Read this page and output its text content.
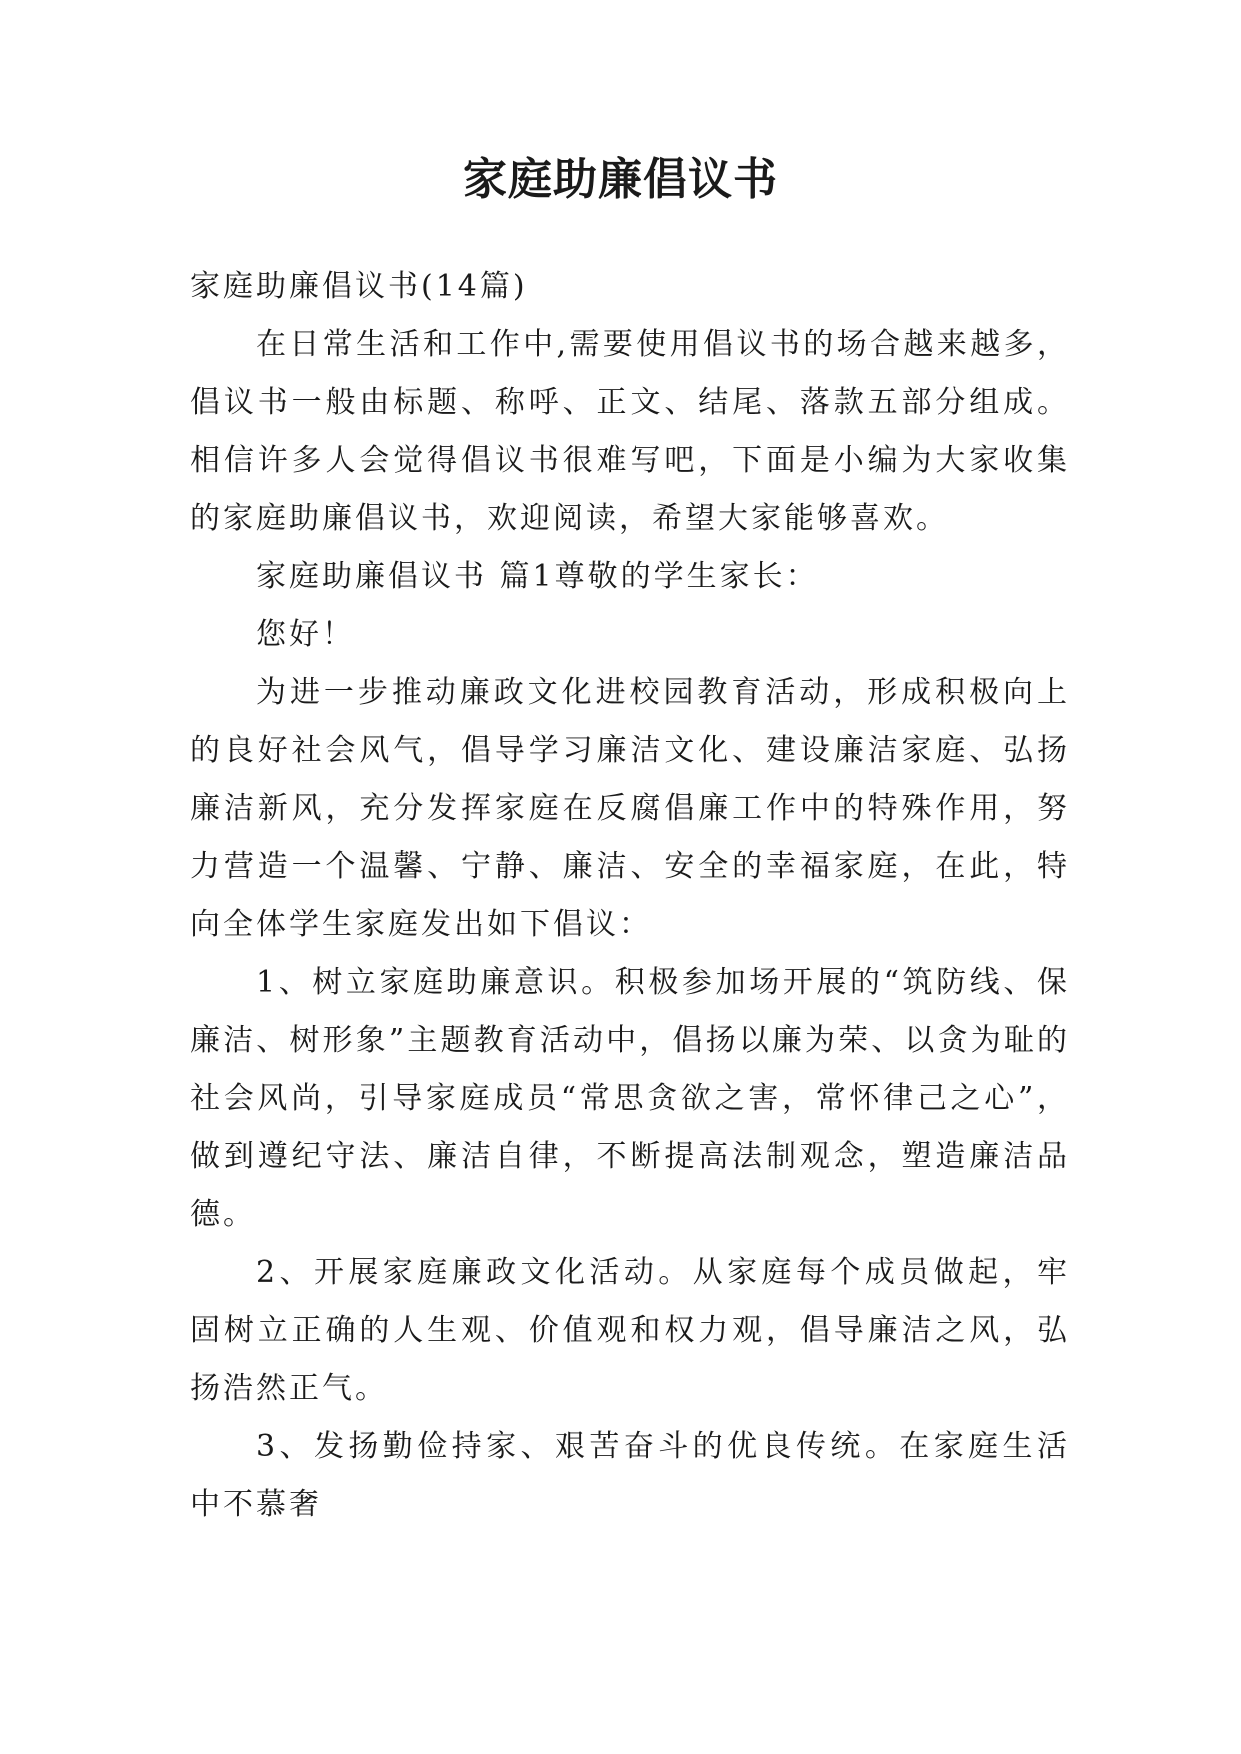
家庭助廉倡议书

家庭助廉倡议书(14篇)

在日常生活和工作中,需要使用倡议书的场合越来越多，倡议书一般由标题、称呼、正文、结尾、落款五部分组成。相信许多人会觉得倡议书很难写吧，下面是小编为大家收集的家庭助廉倡议书，欢迎阅读，希望大家能够喜欢。

家庭助廉倡议书 篇1尊敬的学生家长：

您好！

为进一步推动廉政文化进校园教育活动，形成积极向上的良好社会风气，倡导学习廉洁文化、建设廉洁家庭、弘扬廉洁新风，充分发挥家庭在反腐倡廉工作中的特殊作用，努力营造一个温馨、宁静、廉洁、安全的幸福家庭，在此，特向全体学生家庭发出如下倡议：

1、树立家庭助廉意识。积极参加场开展的“筑防线、保廉洁、树形象”主题教育活动中，倡扬以廉为荣、以贪为耻的社会风尚，引导家庭成员“常思贪欲之害，常怀律己之心”，做到遵纪守法、廉洁自律，不断提高法制观念，塑造廉洁品德。

2、开展家庭廉政文化活动。从家庭每个成员做起，牢固树立正确的人生观、价值观和权力观，倡导廉洁之风，弘扬浩然正气。

3、发扬勤俭持家、艰苦奋斗的优良传统。在家庭生活中不慕奢
